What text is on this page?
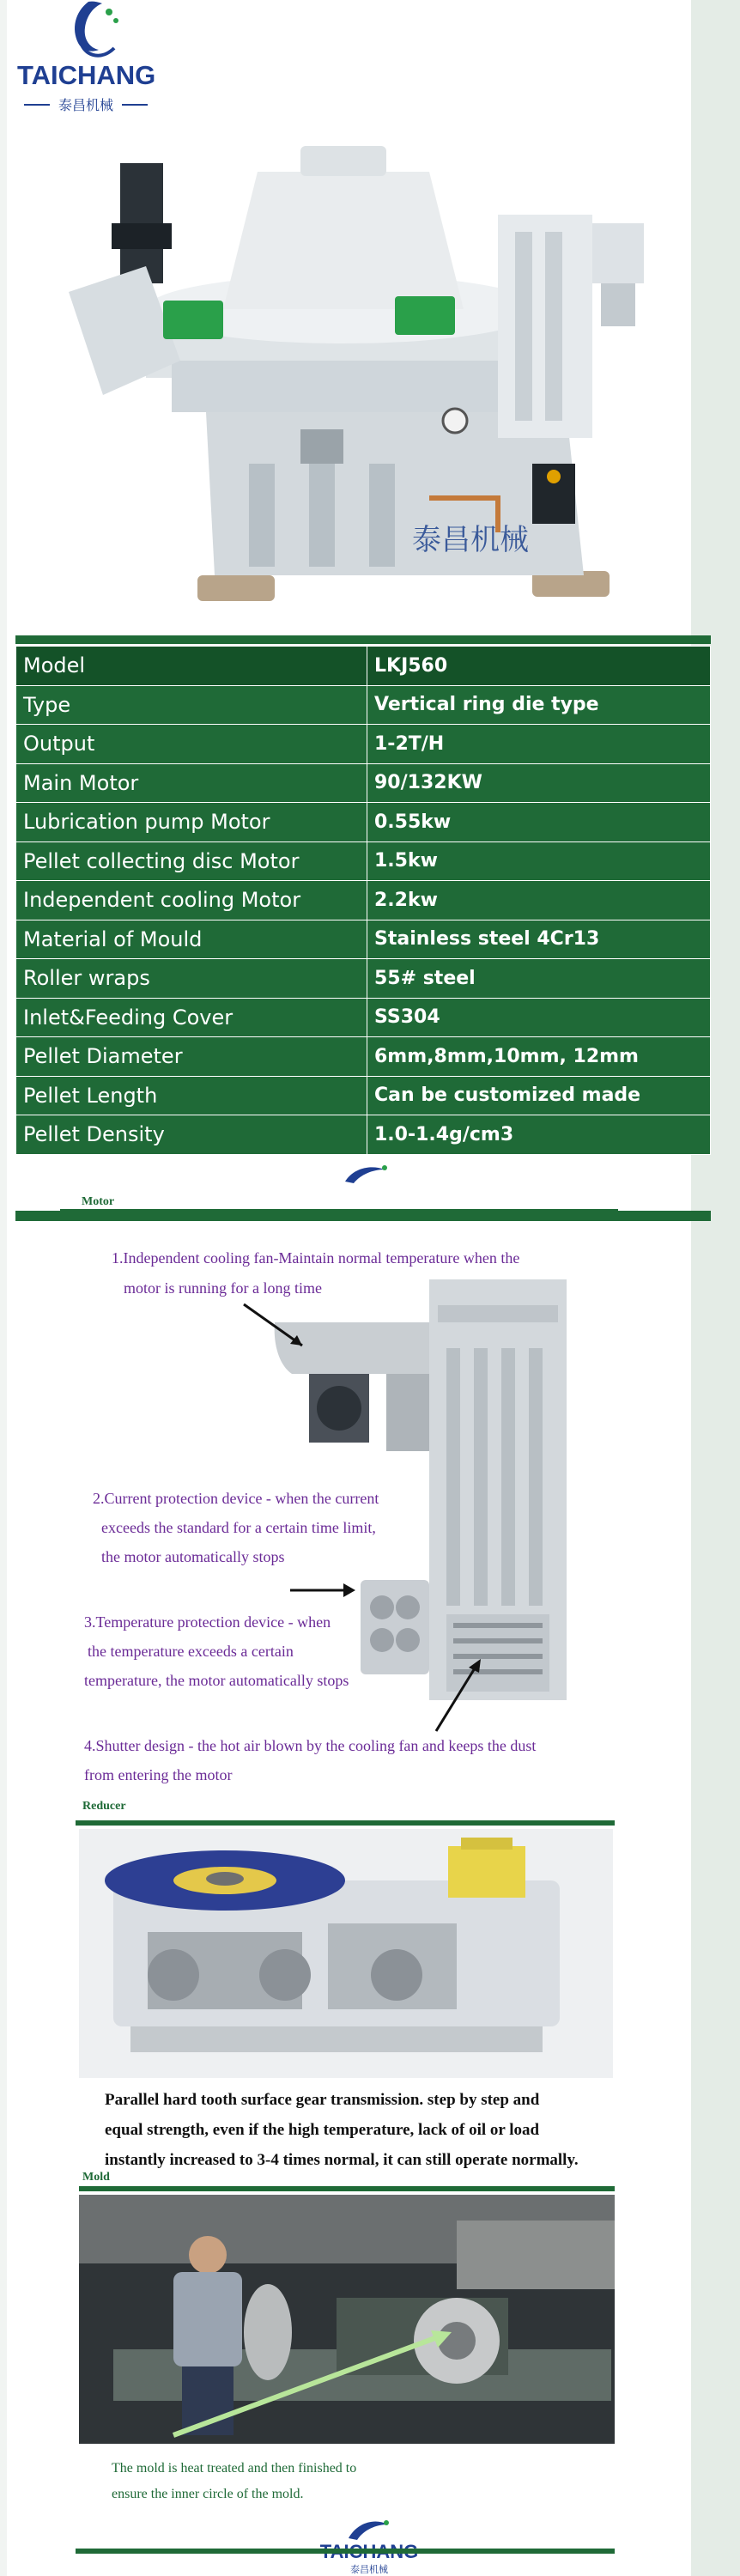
TAICHANG
泰昌机械
泰昌机械
Model	LKJ560
Type	Vertical ring die type
Output	1-2T/H
Main Motor	90/132KW
Lubrication pump Motor	0.55kw
Pellet collecting disc Motor	1.5kw
Independent cooling Motor	2.2kw
Material of Mould	Stainless steel 4Cr13
Roller wraps	55# steel
Inlet&Feeding Cover	SS304
Pellet Diameter	6mm,8mm,10mm, 12mm
Pellet Length	Can be customized made
Pellet Density	1.0-1.4g/cm3
Motor
1.Independent cooling fan-Maintain normal temperature when the
motor is running for a long time
2.Current protection device - when the current
exceeds the standard for a certain time limit,
the motor automatically stops
3.Temperature protection device - when
the temperature exceeds a certain
temperature, the motor automatically stops
4.Shutter design - the hot air blown by the cooling fan and keeps the dust
from entering the motor
Reducer
Parallel hard tooth surface gear transmission. step by step and
equal strength, even if the high temperature, lack of oil or load
instantly increased to 3-4 times normal, it can still operate normally.
Mold
The mold is heat treated and then finished to
ensure the inner circle of the mold.
泰昌机械
